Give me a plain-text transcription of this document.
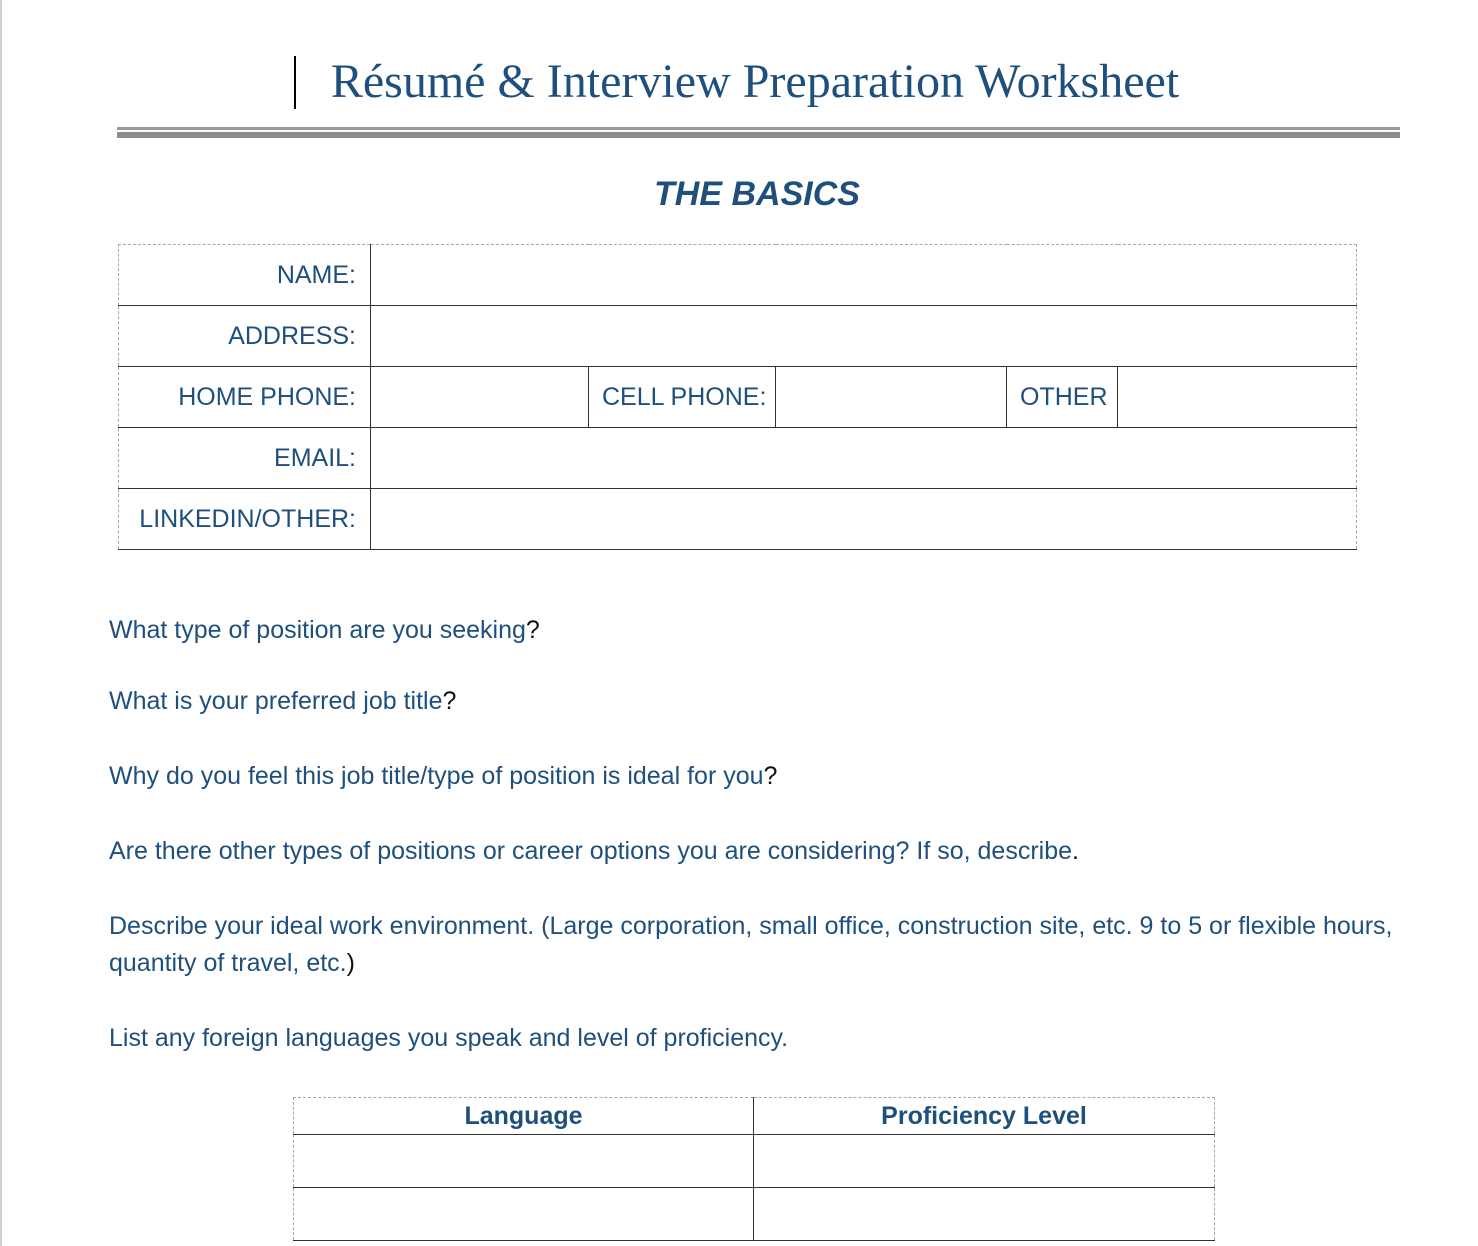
Résumé & Interview Preparation Worksheet
THE BASICS
NAME:					
ADDRESS:					
HOME PHONE:		CELL PHONE:		OTHER	
EMAIL:					
LINKEDIN/OTHER:					
What type of position are you seeking?
What is your preferred job title?
Why do you feel this job title/type of position is ideal for you?
Are there other types of positions or career options you are considering? If so, describe.
Describe your ideal work environment. (Large corporation, small office, construction site, etc. 9 to 5 or flexible hours, quantity of travel, etc.)
List any foreign languages you speak and level of proficiency.
Language	Proficiency Level
